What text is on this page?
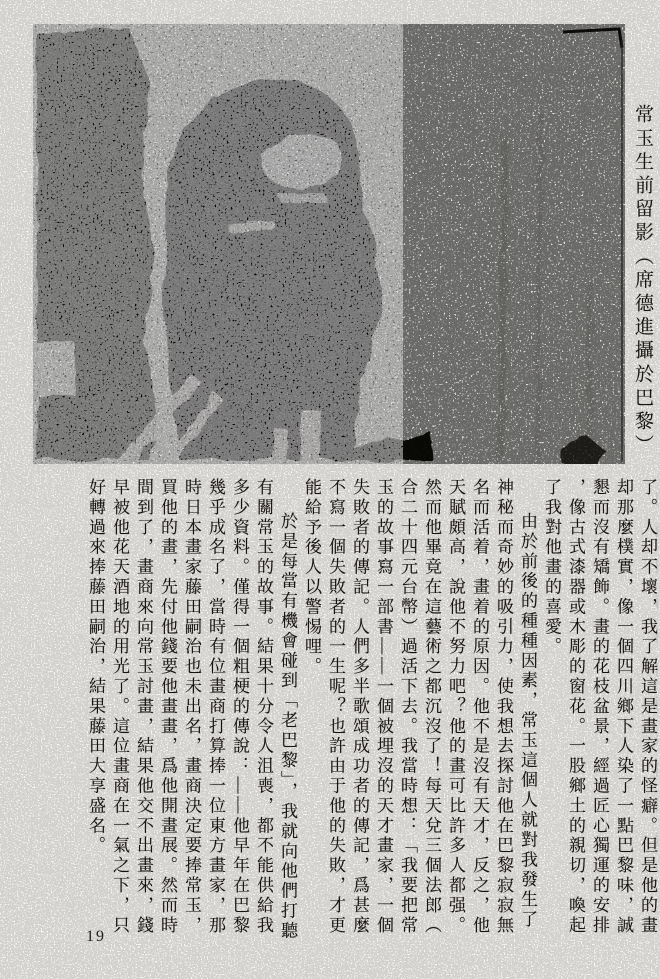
常玉生前留影（席德進攝於巴黎）

了。人却不壞，我了解這是畫家的怪癖。但是他的畫却那麼樸實，像一個四川鄉下人染了一點巴黎味，誠懇而沒有矯飾。畫的花枝盆景，經過匠心獨運的安排，像古式漆器或木彫的窗花。一股鄉土的親切，喚起了我對他畫的喜愛。

由於前後的種種因素，常玉這個人就對我發生了神秘而奇妙的吸引力，使我想去探討他在巴黎寂寂無名而活着，畫着的原因。他不是沒有天才，反之，他天賦頗高，說他不努力吧？他的畫可比許多人都强。然而他畢竟在這藝術之都沉沒了！每天兌三個法郎（合二十四元台幣）過活下去。我當時想：「我要把常玉的故事寫一部書——一個被埋沒的天才畫家，一個失敗者的傳記。人們多半歌頌成功者的傳記，爲甚麼不寫一個失敗者的一生呢？也許由于他的失敗，才更能給予後人以警惕哩。

於是每當有機會碰到「老巴黎」，我就向他們打聽有關常玉的故事。結果十分令人沮喪，都不能供給我多少資料。僅得一個粗梗的傳說：——他早年在巴黎幾乎成名了，當時有位畫商打算捧一位東方畫家，那時日本畫家藤田嗣治也未出名，畫商決定要捧常玉，買他的畫，先付他錢要他畫畫，爲他開畫展。然而時間到了，畫商來向常玉討畫，結果他交不出畫來，錢早被他花天酒地的用光了。這位畫商在一氣之下，只好轉過來捧藤田嗣治，結果藤田大享盛名。

19
